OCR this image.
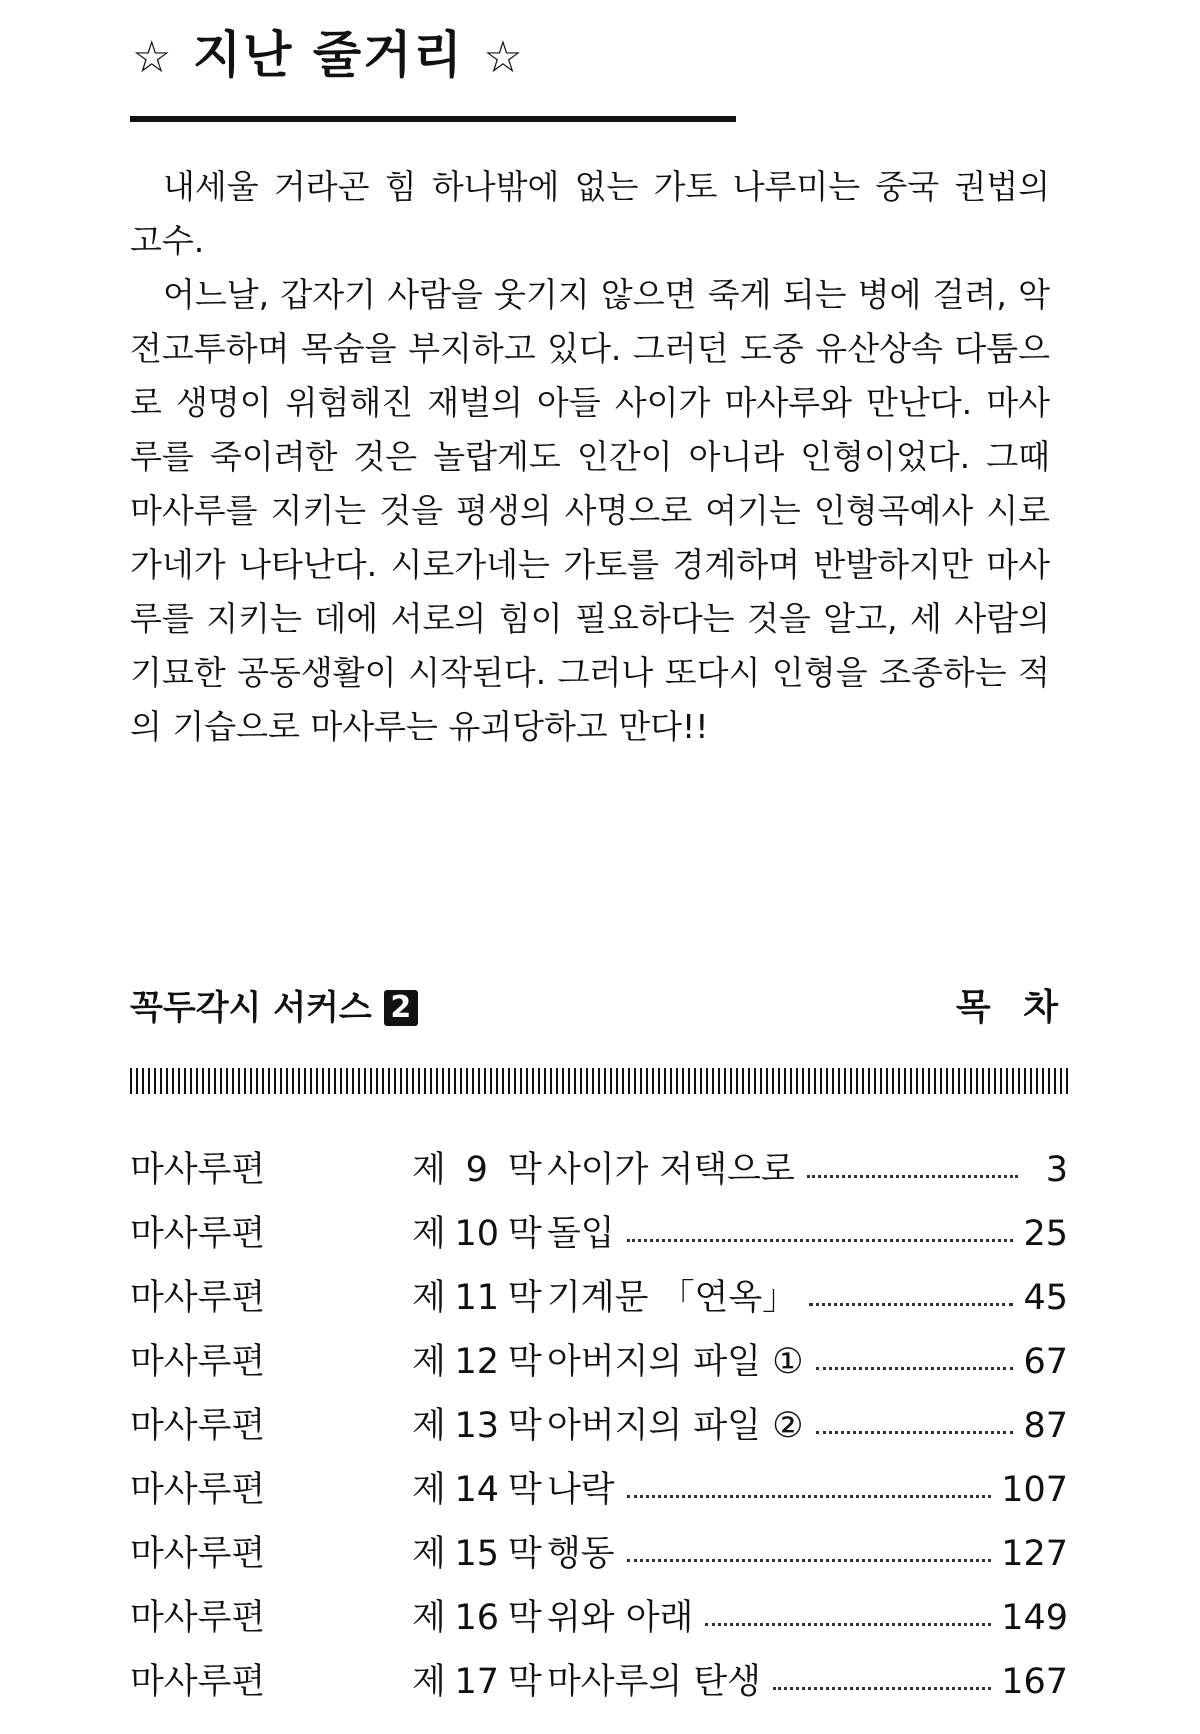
☆ 지난 줄거리 ☆

내세울 거라곤 힘 하나밖에 없는 가토 나루미는 중국 권법의 고수.

어느날, 갑자기 사람을 웃기지 않으면 죽게 되는 병에 걸려, 악전고투하며 목숨을 부지하고 있다. 그러던 도중 유산상속 다툼으로 생명이 위험해진 재벌의 아들 사이가 마사루와 만난다. 마사루를 죽이려한 것은 놀랍게도 인간이 아니라 인형이었다. 그때 마사루를 지키는 것을 평생의 사명으로 여기는 인형곡예사 시로가네가 나타난다. 시로가네는 가토를 경계하며 반발하지만 마사루를 지키는 데에 서로의 힘이 필요하다는 것을 알고, 세 사람의 기묘한 공동생활이 시작된다. 그러나 또다시 인형을 조종하는 적의 기습으로 마사루는 유괴당하고 만다!!

꼭두각시 서커스 2	목 차
마사루편	제 9 막 사이가 저택으로	3
마사루편	제 10 막 돌입	25
마사루편	제 11 막 기계문 「연옥」	45
마사루편	제 12 막 아버지의 파일 ①	67
마사루편	제 13 막 아버지의 파일 ②	87
마사루편	제 14 막 나락	107
마사루편	제 15 막 행동	127
마사루편	제 16 막 위와 아래	149
마사루편	제 17 막 마사루의 탄생	167
